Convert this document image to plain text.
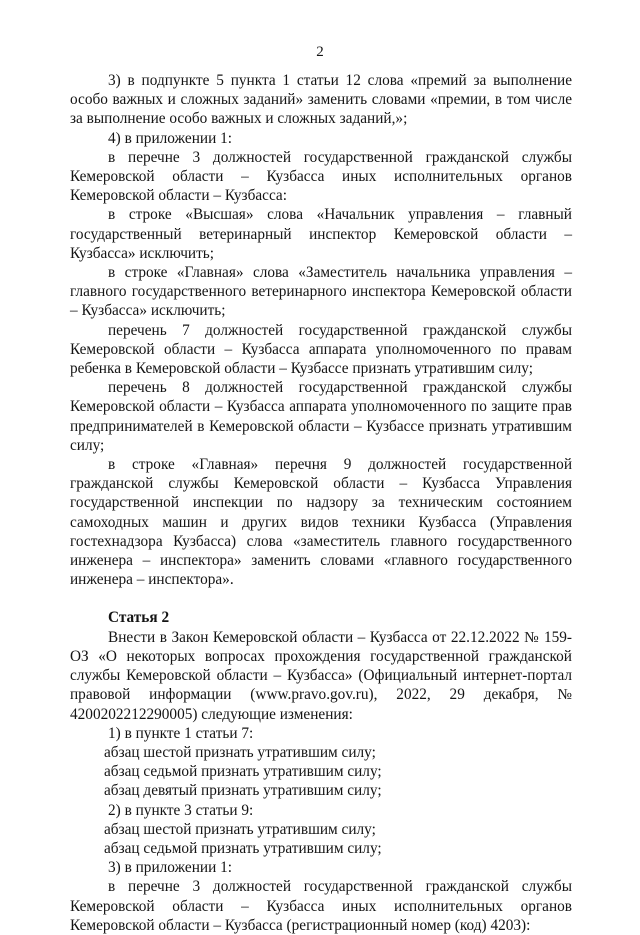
2

3) в подпункте 5 пункта 1 статьи 12 слова «премий за выполнение особо важных и сложных заданий» заменить словами «премии, в том числе за выполнение особо важных и сложных заданий,»;

4) в приложении 1:

в перечне 3 должностей государственной гражданской службы Кемеровской области – Кузбасса иных исполнительных органов Кемеровской области – Кузбасса:

в строке «Высшая» слова «Начальник управления – главный государственный ветеринарный инспектор Кемеровской области – Кузбасса» исключить;

в строке «Главная» слова «Заместитель начальника управления – главного государственного ветеринарного инспектора Кемеровской области – Кузбасса» исключить;

перечень 7 должностей государственной гражданской службы Кемеровской области – Кузбасса аппарата уполномоченного по правам ребенка в Кемеровской области – Кузбассе признать утратившим силу;

перечень 8 должностей государственной гражданской службы Кемеровской области – Кузбасса аппарата уполномоченного по защите прав предпринимателей в Кемеровской области – Кузбассе признать утратившим силу;

в строке «Главная» перечня 9 должностей государственной гражданской службы Кемеровской области – Кузбасса Управления государственной инспекции по надзору за техническим состоянием самоходных машин и других видов техники Кузбасса (Управления гостехнадзора Кузбасса) слова «заместитель главного государственного инженера – инспектора» заменить словами «главного государственного инженера – инспектора».

Статья 2

Внести в Закон Кемеровской области – Кузбасса от 22.12.2022 № 159-ОЗ «О некоторых вопросах прохождения государственной гражданской службы Кемеровской области – Кузбасса» (Официальный интернет-портал правовой информации (www.pravo.gov.ru), 2022, 29 декабря, № 4200202212290005) следующие изменения:

1) в пункте 1 статьи 7:

абзац шестой признать утратившим силу;

абзац седьмой признать утратившим силу;

абзац девятый признать утратившим силу;

2) в пункте 3 статьи 9:

абзац шестой признать утратившим силу;

абзац седьмой признать утратившим силу;

3) в приложении 1:

в перечне 3 должностей государственной гражданской службы Кемеровской области – Кузбасса иных исполнительных органов Кемеровской области – Кузбасса (регистрационный номер (код) 4203):
